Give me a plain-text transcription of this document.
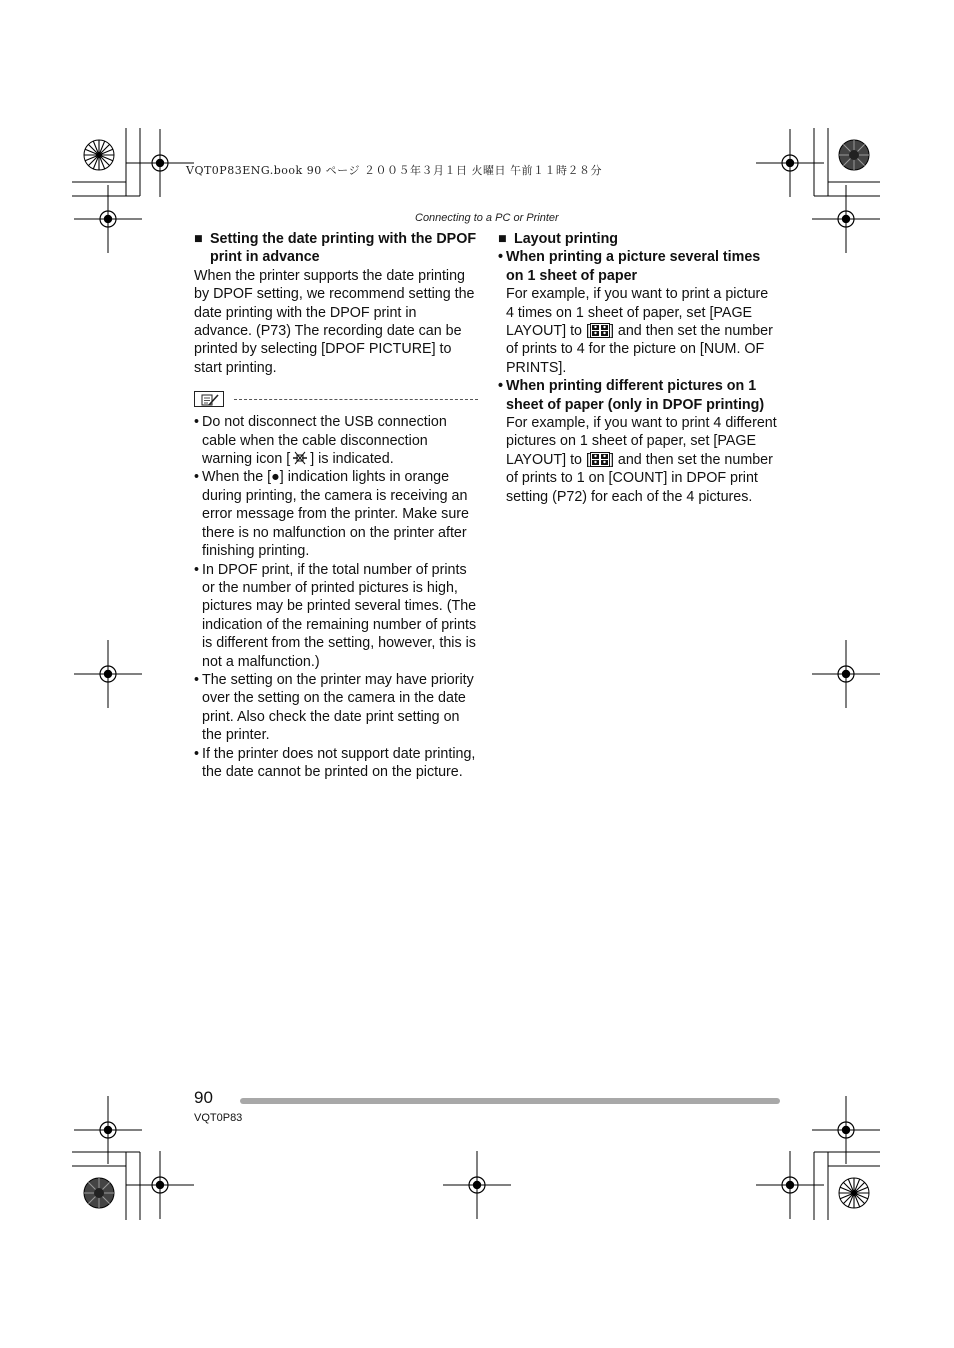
VQT0P83ENG.book 90 ページ ２００５年３月１日 火曜日 午前１１時２８分
Connecting to a PC or Printer
■ Setting the date printing with the DPOF print in advance

When the printer supports the date printing by DPOF setting, we recommend setting the date printing with the DPOF print in advance. (P73) The recording date can be printed by selecting [DPOF PICTURE] to start printing.

• Do not disconnect the USB connection cable when the cable disconnection warning icon [ ] is indicated.
• When the [●] indication lights in orange during printing, the camera is receiving an error message from the printer. Make sure there is no malfunction on the printer after finishing printing.
• In DPOF print, if the total number of prints or the number of printed pictures is high, pictures may be printed several times. (The indication of the remaining number of prints is different from the setting, however, this is not a malfunction.)
• The setting on the printer may have priority over the setting on the camera in the date print. Also check the date print setting on the printer.
• If the printer does not support date printing, the date cannot be printed on the picture.
■ Layout printing
• When printing a picture several times on 1 sheet of paper
For example, if you want to print a picture 4 times on 1 sheet of paper, set [PAGE LAYOUT] to [ ] and then set the number of prints to 4 for the picture on [NUM. OF PRINTS].
• When printing different pictures on 1 sheet of paper (only in DPOF printing)
For example, if you want to print 4 different pictures on 1 sheet of paper, set [PAGE LAYOUT] to [ ] and then set the number of prints to 1 on [COUNT] in DPOF print setting (P72) for each of the 4 pictures.
90
VQT0P83
